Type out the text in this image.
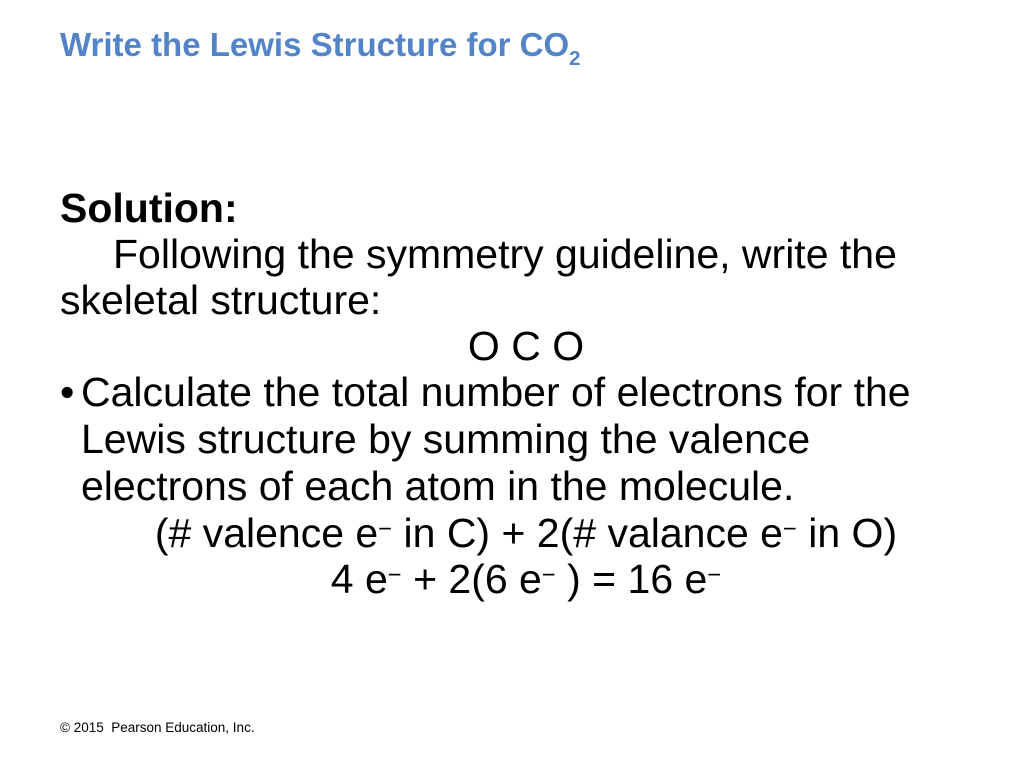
Write the Lewis Structure for $CO_2$
Solution:
Following the symmetry guideline, write the
skeletal structure:
O C O
• Calculate the total number of electrons for the Lewis structure by summing the valence electrons of each atom in the molecule.
(# valence e− in C) + 2(# valance e− in O)
4 e− + 2(6 e− ) = 16 e−
© 2015  Pearson Education, Inc.
